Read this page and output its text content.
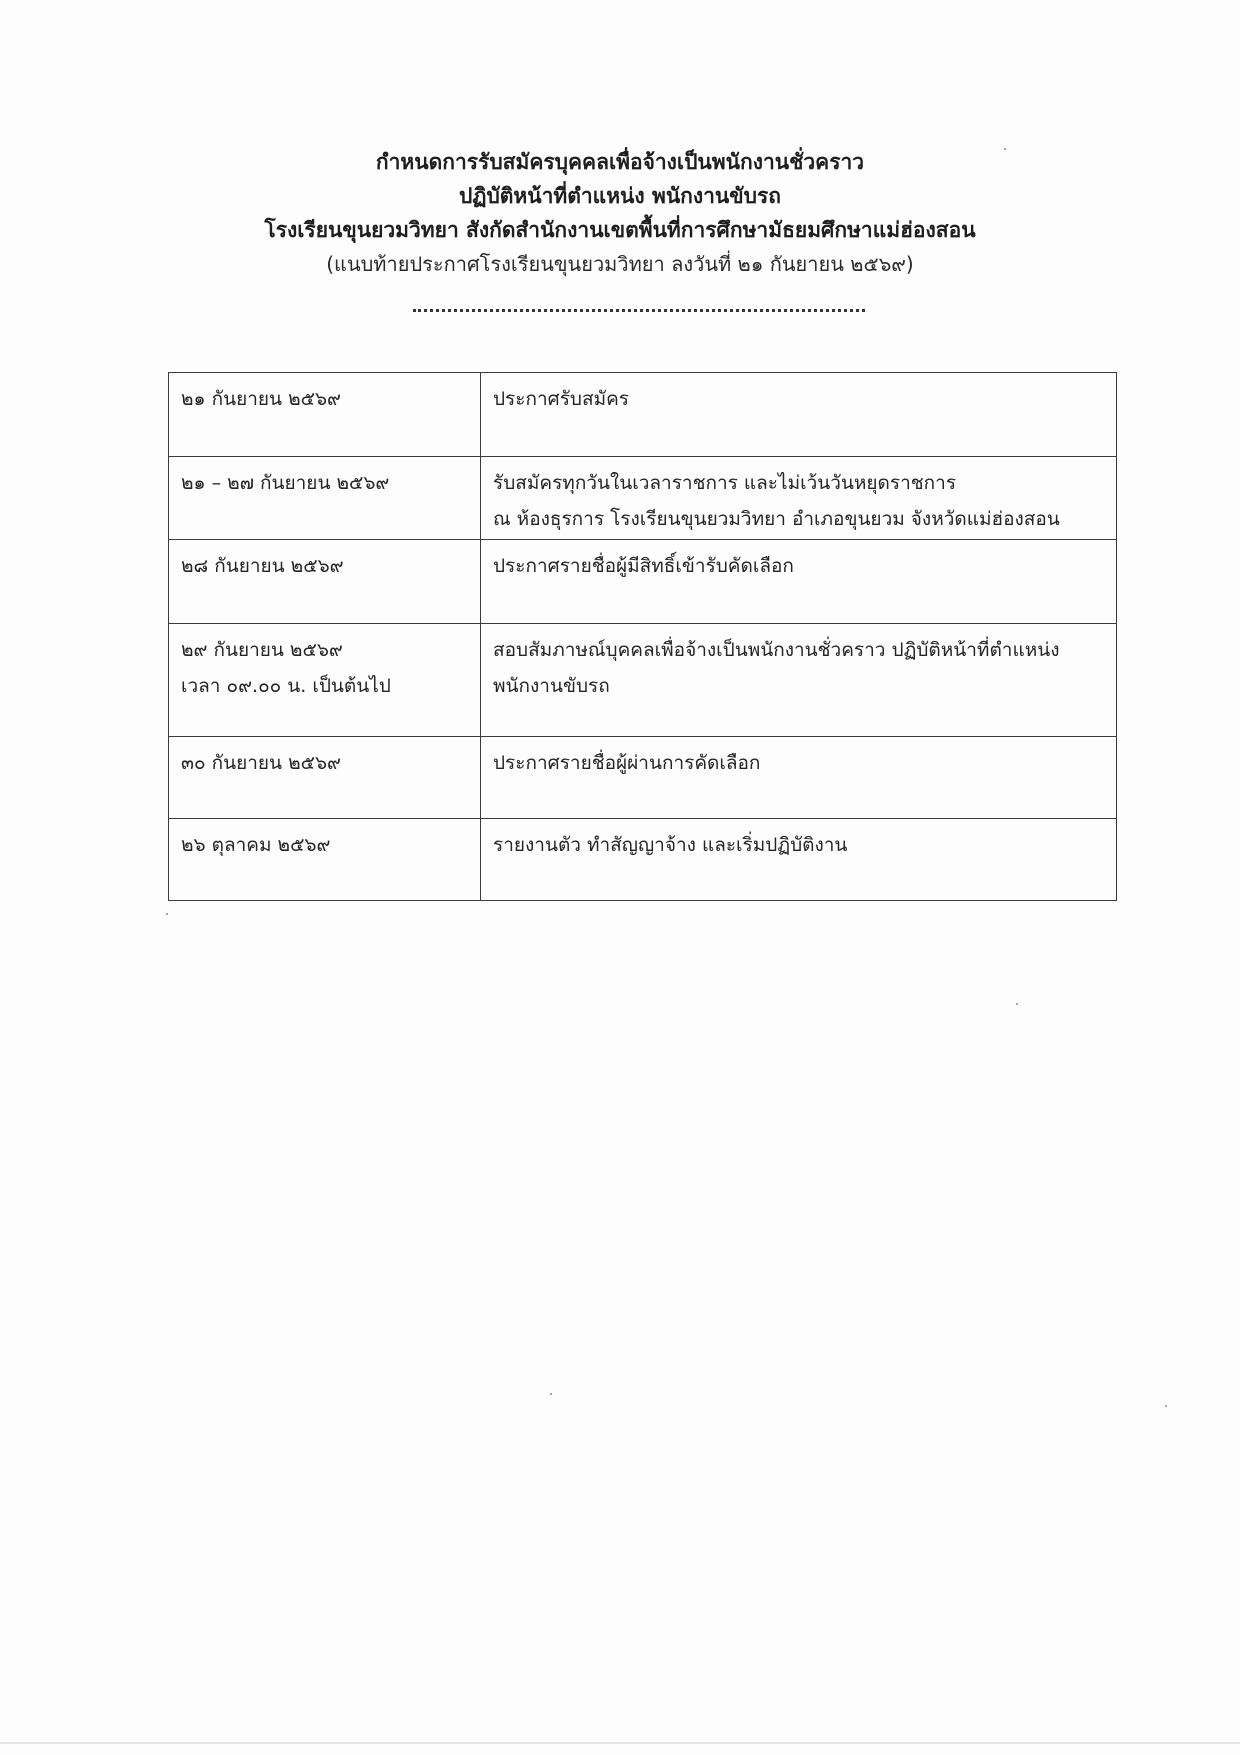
กำหนดการรับสมัครบุคคลเพื่อจ้างเป็นพนักงานชั่วคราว
ปฏิบัติหน้าที่ตำแหน่ง พนักงานขับรถ
โรงเรียนขุนยวมวิทยา สังกัดสำนักงานเขตพื้นที่การศึกษามัธยมศึกษาแม่ฮ่องสอน
(แนบท้ายประกาศโรงเรียนขุนยวมวิทยา ลงวันที่ ๒๑ กันยายน ๒๕๖๙)
๒๑ กันยายน ๒๕๖๙	ประกาศรับสมัคร

๒๑ – ๒๗ กันยายน ๒๕๖๙	รับสมัครทุกวันในเวลาราชการ และไม่เว้นวันหยุดราชการ
ณ ห้องธุรการ โรงเรียนขุนยวมวิทยา อำเภอขุนยวม จังหวัดแม่ฮ่องสอน

๒๘ กันยายน ๒๕๖๙	ประกาศรายชื่อผู้มีสิทธิ์เข้ารับคัดเลือก

๒๙ กันยายน ๒๕๖๙
เวลา ๐๙.๐๐ น. เป็นต้นไป	สอบสัมภาษณ์บุคคลเพื่อจ้างเป็นพนักงานชั่วคราว ปฏิบัติหน้าที่ตำแหน่ง
พนักงานขับรถ

๓๐ กันยายน ๒๕๖๙	ประกาศรายชื่อผู้ผ่านการคัดเลือก

๒๖ ตุลาคม ๒๕๖๙	รายงานตัว ทำสัญญาจ้าง และเริ่มปฏิบัติงาน
